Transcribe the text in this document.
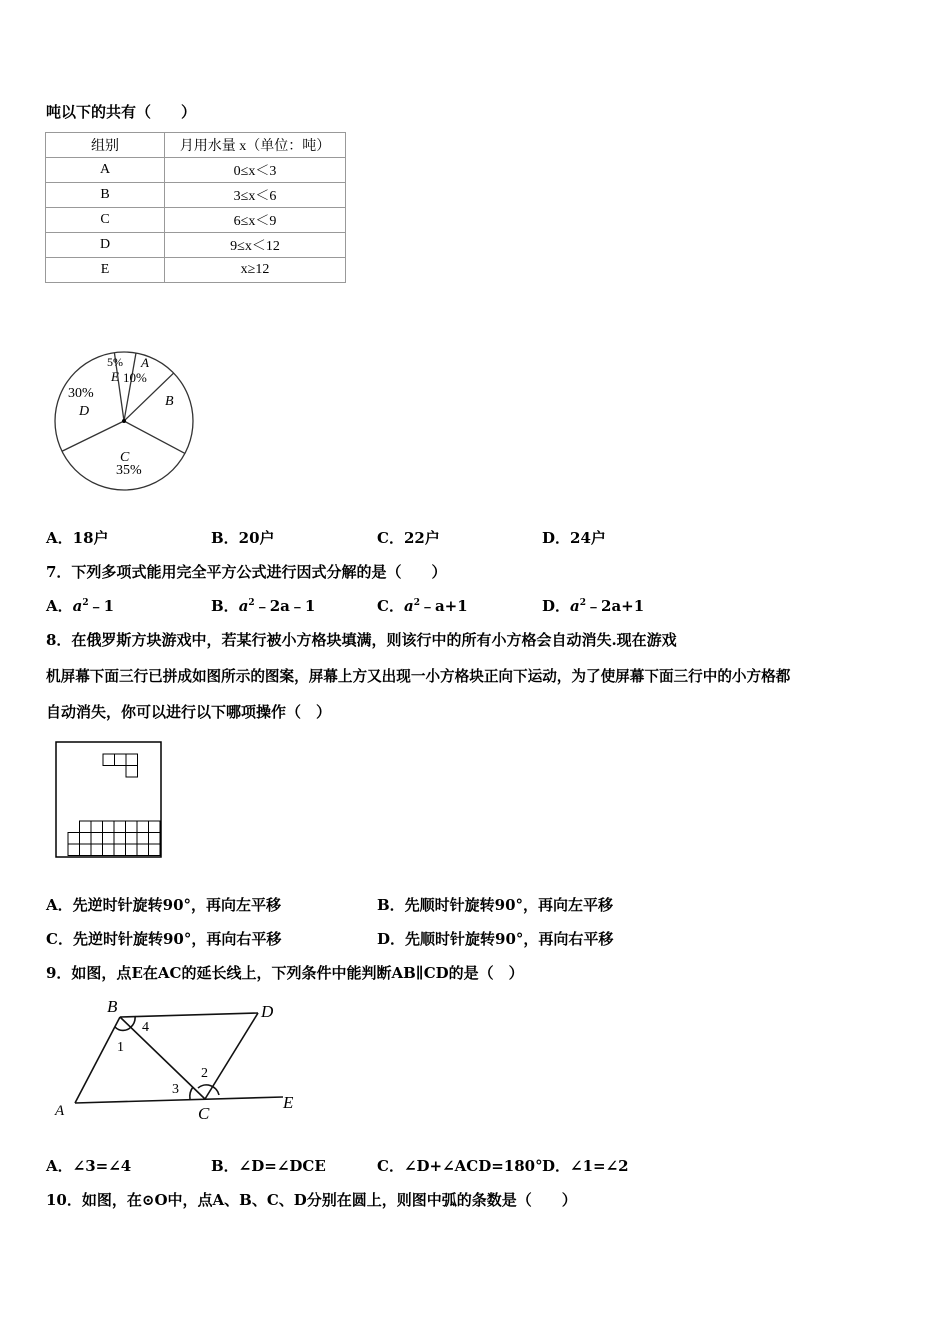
吨以下的共有（　　）
组别	月用水量 x（单位：吨）
A	0≤x＜3
B	3≤x＜6
C	6≤x＜9
D	9≤x＜12
E	x≥12
A
10%
B
C
35%
30%
D
5%
E
A．18户	B．20户	C．22户	D．24户
7．下列多项式能用完全平方公式进行因式分解的是（　　）
A．$a^2﹣1$	B．$a^2﹣2a﹣1$	C．$a^2﹣a+1$	D．$a^2﹣2a+1$
8．在俄罗斯方块游戏中，若某行被小方格块填满，则该行中的所有小方格会自动消失.现在游戏
机屏幕下面三行已拼成如图所示的图案，屏幕上方又出现一小方格块正向下运动，为了使屏幕下面三行中的小方格都
自动消失，你可以进行以下哪项操作（　）
A．先逆时针旋转90°，再向左平移	B．先顺时针旋转90°，再向左平移
C．先逆时针旋转90°，再向右平移	D．先顺时针旋转90°，再向右平移
9．如图，点E在AC的延长线上，下列条件中能判断AB∥CD的是（　）
B	D
A	C
E
1
2
3
4
A．∠3=∠4	B．∠D=∠DCE	C．∠D+∠ACD=180° D．∠1=∠2
10．如图，在⊙O中，点A、B、C、D分别在圆上，则图中弧的条数是（　　）
